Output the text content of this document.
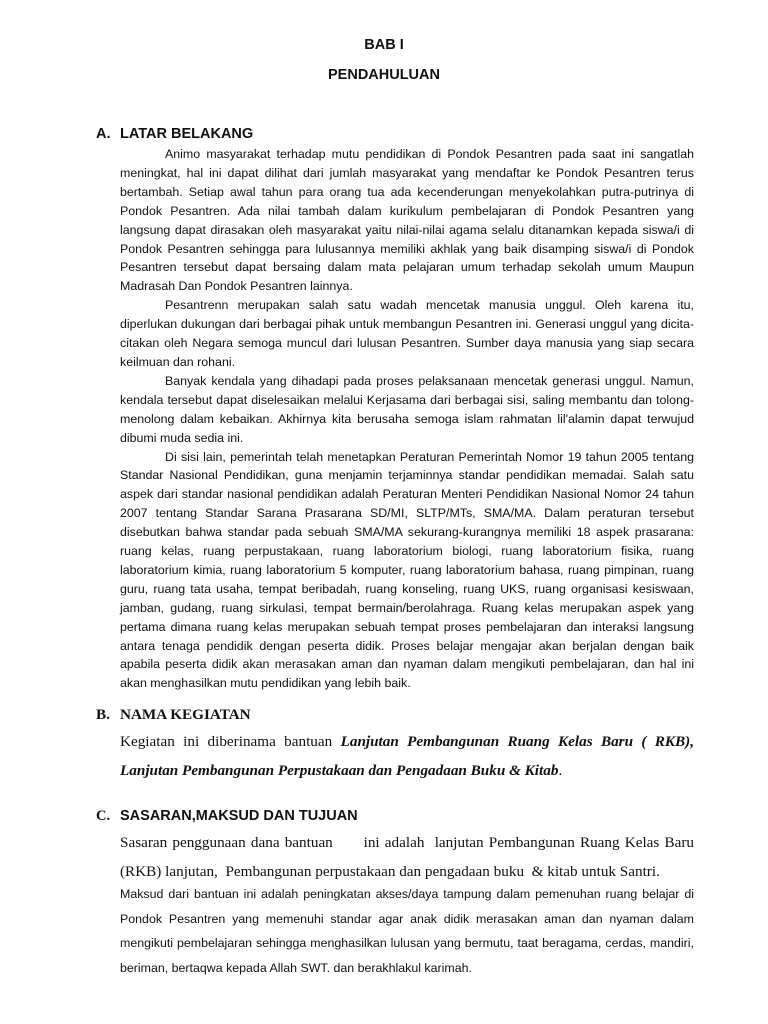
BAB I
PENDAHULUAN
A. LATAR BELAKANG
Animo masyarakat terhadap mutu pendidikan di Pondok Pesantren pada saat ini sangatlah meningkat, hal ini dapat dilihat dari jumlah masyarakat yang mendaftar ke Pondok Pesantren terus bertambah. Setiap awal tahun para orang tua ada kecenderungan menyekolahkan putra-putrinya di Pondok Pesantren. Ada nilai tambah dalam kurikulum pembelajaran di Pondok Pesantren yang langsung dapat dirasakan oleh masyarakat yaitu nilai-nilai agama selalu ditanamkan kepada siswa/i di Pondok Pesantren sehingga para lulusannya memiliki akhlak yang baik disamping siswa/i di Pondok Pesantren tersebut dapat bersaing dalam mata pelajaran umum terhadap sekolah umum Maupun Madrasah Dan Pondok Pesantren lainnya.
Pesantrenn merupakan salah satu wadah mencetak manusia unggul. Oleh karena itu, diperlukan dukungan dari berbagai pihak untuk membangun Pesantren ini. Generasi unggul yang dicita-citakan oleh Negara semoga muncul dari lulusan Pesantren. Sumber daya manusia yang siap secara keilmuan dan rohani.
Banyak kendala yang dihadapi pada proses pelaksanaan mencetak generasi unggul. Namun, kendala tersebut dapat diselesaikan melalui Kerjasama dari berbagai sisi, saling membantu dan tolong-menolong dalam kebaikan. Akhirnya kita berusaha semoga islam rahmatan lil'alamin dapat terwujud dibumi muda sedia ini.
Di sisi lain, pemerintah telah menetapkan Peraturan Pemerintah Nomor 19 tahun 2005 tentang Standar Nasional Pendidikan, guna menjamin terjaminnya standar pendidikan memadai. Salah satu aspek dari standar nasional pendidikan adalah Peraturan Menteri Pendidikan Nasional Nomor 24 tahun 2007 tentang Standar Sarana Prasarana SD/MI, SLTP/MTs, SMA/MA. Dalam peraturan tersebut disebutkan bahwa standar pada sebuah SMA/MA sekurang-kurangnya memiliki 18 aspek prasarana: ruang kelas, ruang perpustakaan, ruang laboratorium biologi, ruang laboratorium fisika, ruang laboratorium kimia, ruang laboratorium 5 komputer, ruang laboratorium bahasa, ruang pimpinan, ruang guru, ruang tata usaha, tempat beribadah, ruang konseling, ruang UKS, ruang organisasi kesiswaan, jamban, gudang, ruang sirkulasi, tempat bermain/berolahraga. Ruang kelas merupakan aspek yang pertama dimana ruang kelas merupakan sebuah tempat proses pembelajaran dan interaksi langsung antara tenaga pendidik dengan peserta didik. Proses belajar mengajar akan berjalan dengan baik apabila peserta didik akan merasakan aman dan nyaman dalam mengikuti pembelajaran, dan hal ini akan menghasilkan mutu pendidikan yang lebih baik.
B. NAMA KEGIATAN
Kegiatan ini diberinama bantuan Lanjutan Pembangunan Ruang Kelas Baru ( RKB), Lanjutan Pembangunan Perpustakaan dan Pengadaan Buku & Kitab.
C. SASARAN,MAKSUD DAN TUJUAN
Sasaran penggunaan dana bantuan      ini adalah  lanjutan Pembangunan Ruang Kelas Baru (RKB) lanjutan,  Pembangunan perpustakaan dan pengadaan buku  & kitab untuk Santri.
Maksud dari bantuan ini adalah peningkatan akses/daya tampung dalam pemenuhan ruang belajar di Pondok Pesantren yang memenuhi standar agar anak didik merasakan aman dan nyaman dalam mengikuti pembelajaran sehingga menghasilkan lulusan yang bermutu, taat beragama, cerdas, mandiri, beriman, bertaqwa kepada Allah SWT. dan berakhlakul karimah.
